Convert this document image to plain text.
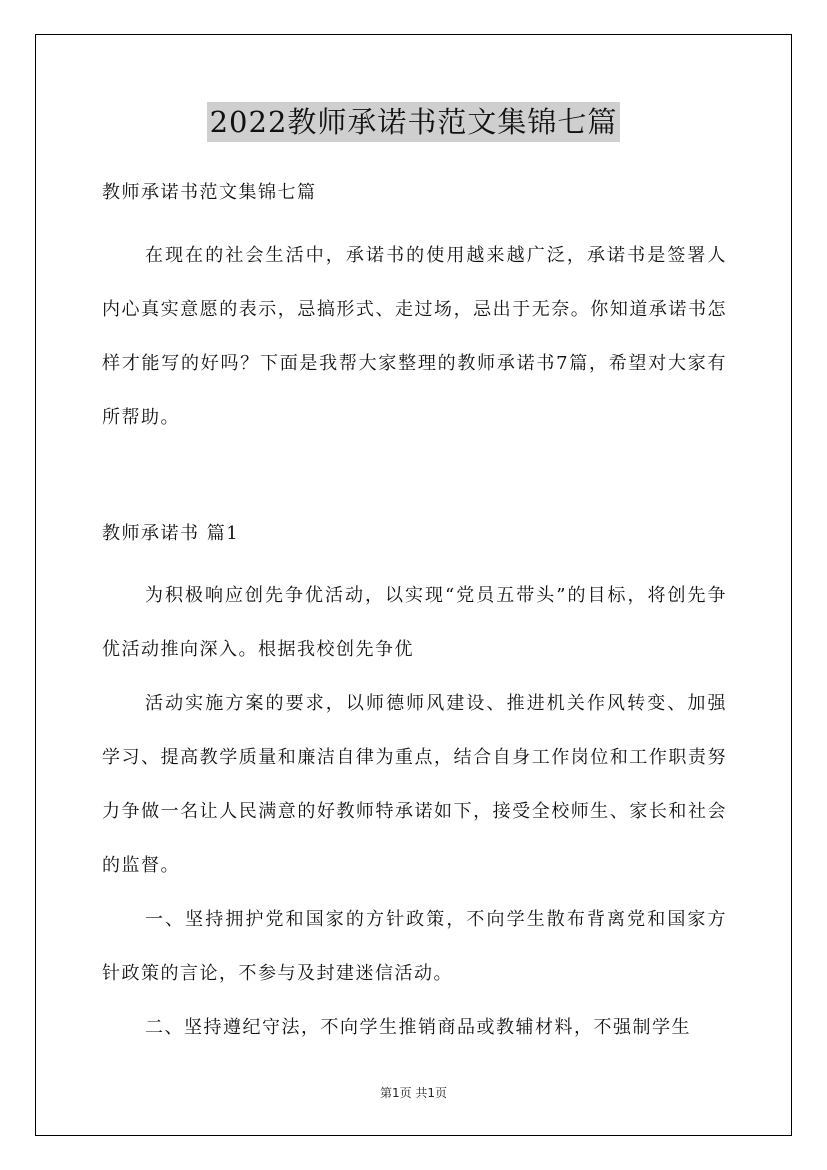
2022教师承诺书范文集锦七篇

教师承诺书范文集锦七篇

在现在的社会生活中，承诺书的使用越来越广泛，承诺书是签署人内心真实意愿的表示，忌搞形式、走过场，忌出于无奈。你知道承诺书怎样才能写的好吗？下面是我帮大家整理的教师承诺书7篇，希望对大家有所帮助。

教师承诺书 篇1

为积极响应创先争优活动，以实现“党员五带头”的目标，将创先争优活动推向深入。根据我校创先争优

活动实施方案的要求，以师德师风建设、推进机关作风转变、加强学习、提高教学质量和廉洁自律为重点，结合自身工作岗位和工作职责努力争做一名让人民满意的好教师特承诺如下，接受全校师生、家长和社会的监督。

一、坚持拥护党和国家的方针政策，不向学生散布背离党和国家方针政策的言论，不参与及封建迷信活动。

二、坚持遵纪守法，不向学生推销商品或教辅材料，不强制学生

第1页 共1页
